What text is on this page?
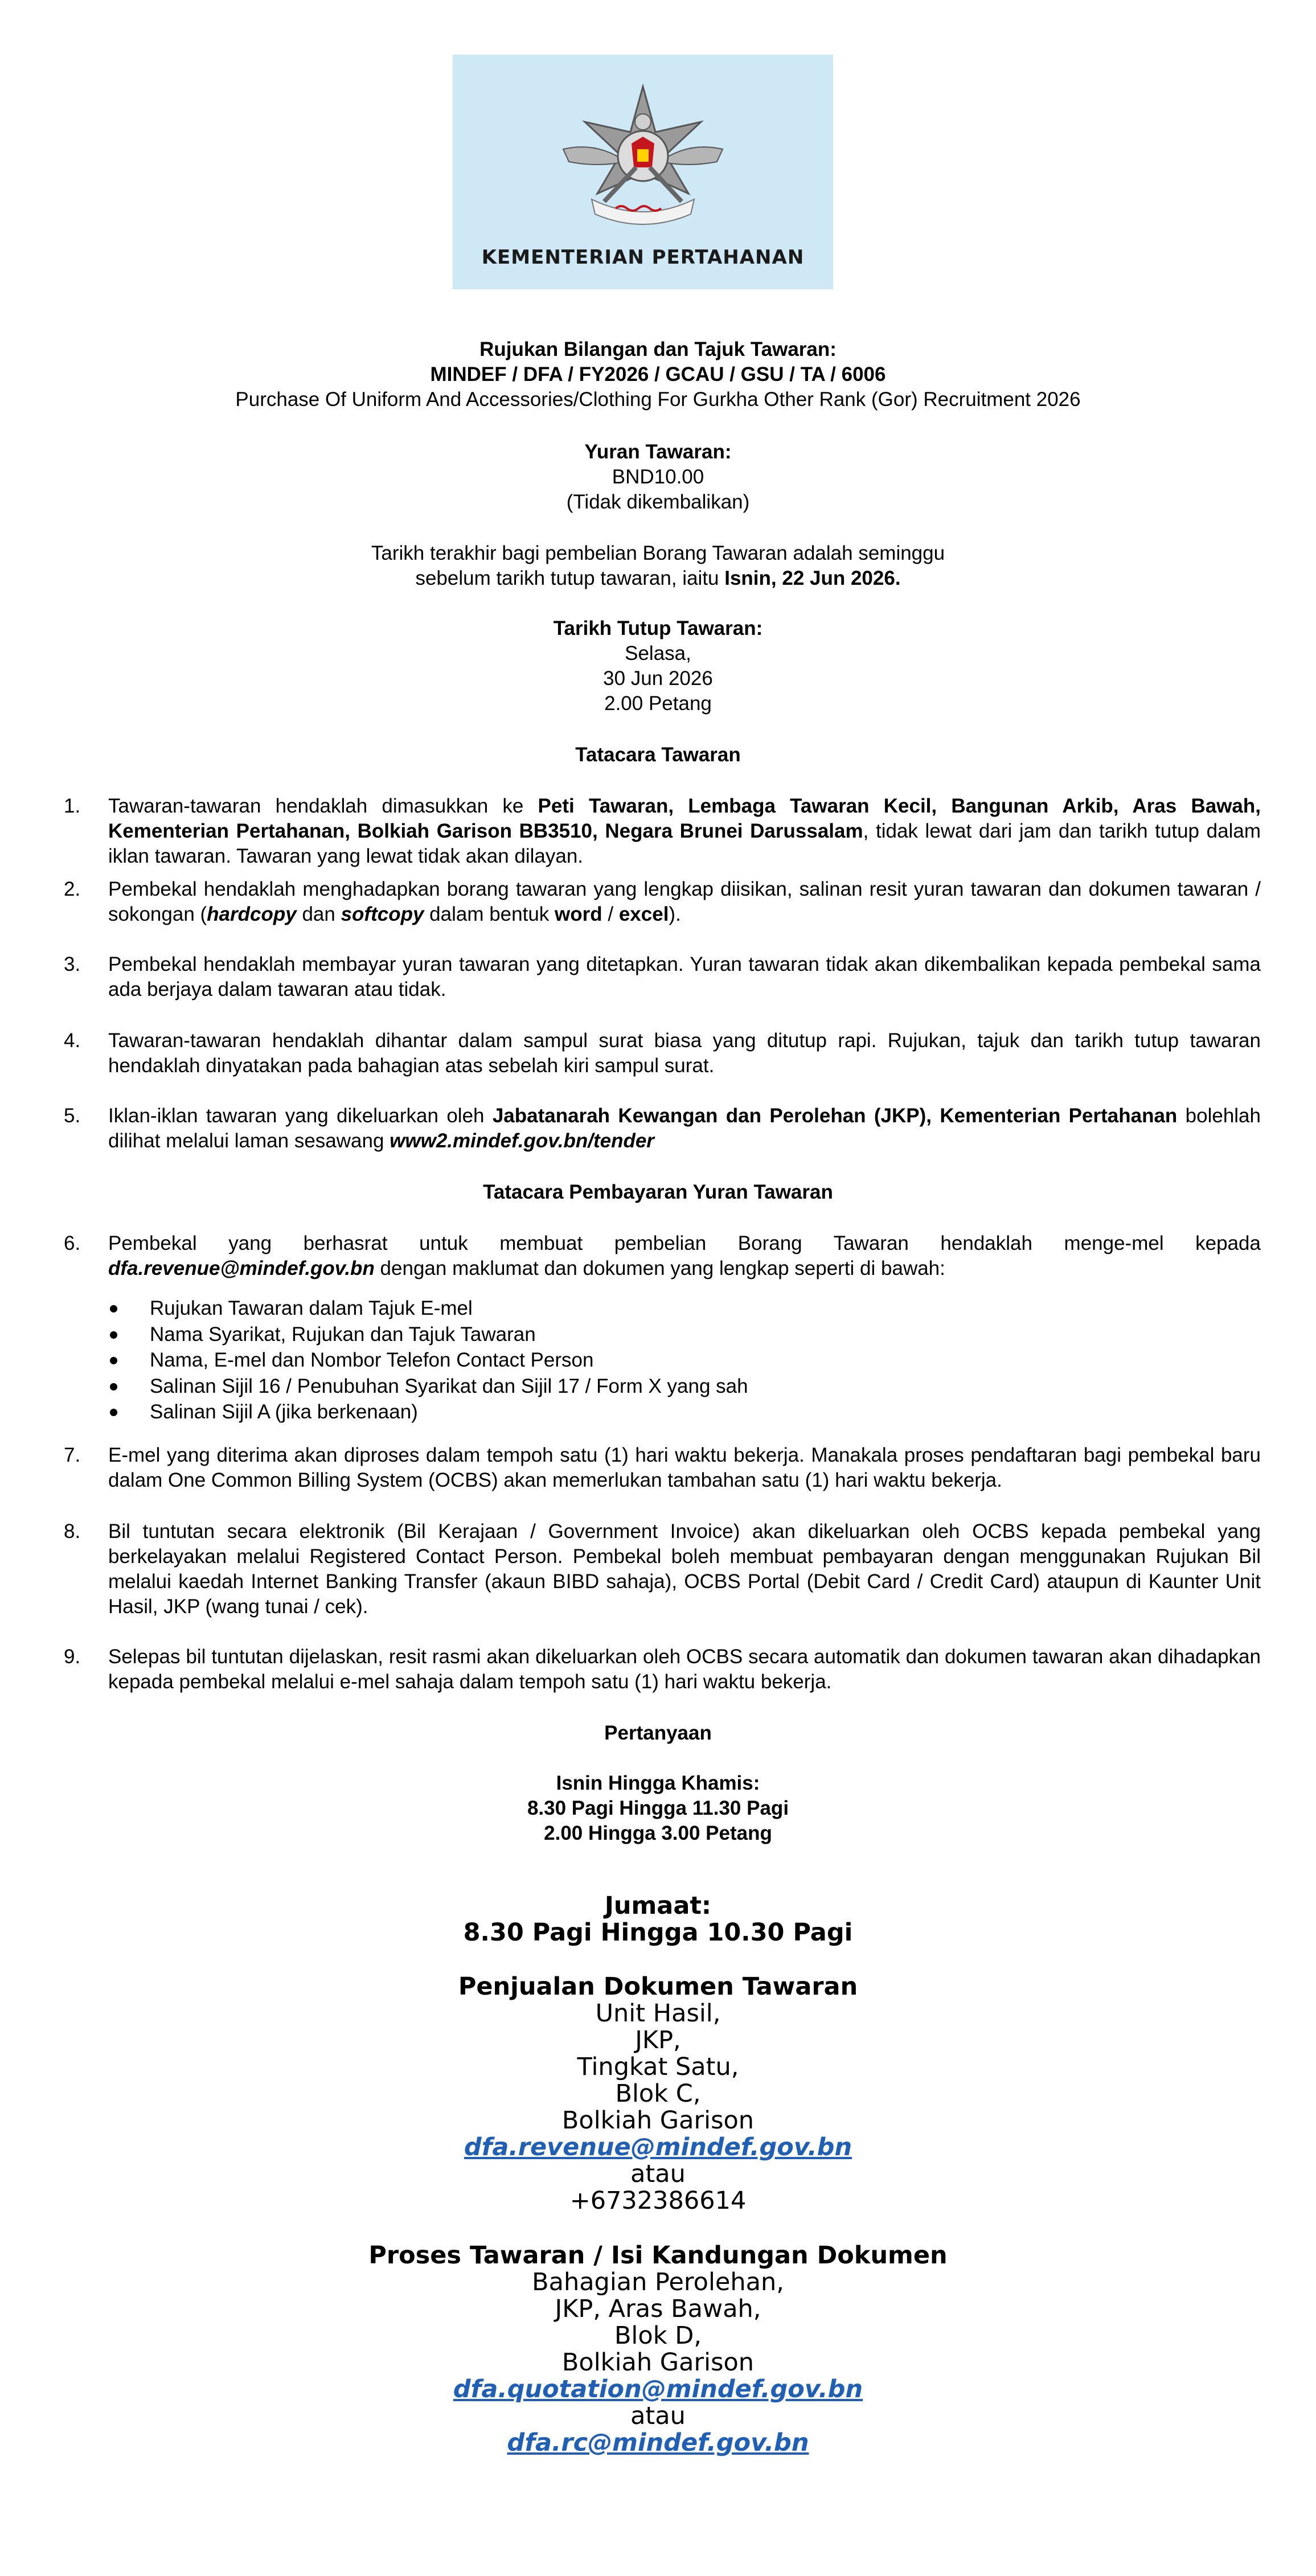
KEMENTERIAN PERTAHANAN
Rujukan Bilangan dan Tajuk Tawaran:
MINDEF / DFA / FY2026 / GCAU / GSU / TA / 6006
Purchase Of Uniform And Accessories/Clothing For Gurkha Other Rank (Gor) Recruitment 2026
Yuran Tawaran:
BND10.00
(Tidak dikembalikan)
Tarikh terakhir bagi pembelian Borang Tawaran adalah seminggu
sebelum tarikh tutup tawaran, iaitu Isnin, 22 Jun 2026.
Tarikh Tutup Tawaran:
Selasa,
30 Jun 2026
2.00 Petang
Tatacara Tawaran
1. Tawaran-tawaran hendaklah dimasukkan ke Peti Tawaran, Lembaga Tawaran Kecil, Bangunan Arkib, Aras Bawah, Kementerian Pertahanan, Bolkiah Garison BB3510, Negara Brunei Darussalam, tidak lewat dari jam dan tarikh tutup dalam iklan tawaran. Tawaran yang lewat tidak akan dilayan.
2. Pembekal hendaklah menghadapkan borang tawaran yang lengkap diisikan, salinan resit yuran tawaran dan dokumen tawaran / sokongan (hardcopy dan softcopy dalam bentuk word / excel).
3. Pembekal hendaklah membayar yuran tawaran yang ditetapkan. Yuran tawaran tidak akan dikembalikan kepada pembekal sama ada berjaya dalam tawaran atau tidak.
4. Tawaran-tawaran hendaklah dihantar dalam sampul surat biasa yang ditutup rapi. Rujukan, tajuk dan tarikh tutup tawaran hendaklah dinyatakan pada bahagian atas sebelah kiri sampul surat.
5. Iklan-iklan tawaran yang dikeluarkan oleh Jabatanarah Kewangan dan Perolehan (JKP), Kementerian Pertahanan bolehlah dilihat melalui laman sesawang www2.mindef.gov.bn/tender
Tatacara Pembayaran Yuran Tawaran
6. Pembekal yang berhasrat untuk membuat pembelian Borang Tawaran hendaklah menge-mel kepada dfa.revenue@mindef.gov.bn dengan maklumat dan dokumen yang lengkap seperti di bawah:
Rujukan Tawaran dalam Tajuk E-mel
Nama Syarikat, Rujukan dan Tajuk Tawaran
Nama, E-mel dan Nombor Telefon Contact Person
Salinan Sijil 16 / Penubuhan Syarikat dan Sijil 17 / Form X yang sah
Salinan Sijil A (jika berkenaan)
7. E-mel yang diterima akan diproses dalam tempoh satu (1) hari waktu bekerja. Manakala proses pendaftaran bagi pembekal baru dalam One Common Billing System (OCBS) akan memerlukan tambahan satu (1) hari waktu bekerja.
8. Bil tuntutan secara elektronik (Bil Kerajaan / Government Invoice) akan dikeluarkan oleh OCBS kepada pembekal yang berkelayakan melalui Registered Contact Person. Pembekal boleh membuat pembayaran dengan menggunakan Rujukan Bil melalui kaedah Internet Banking Transfer (akaun BIBD sahaja), OCBS Portal (Debit Card / Credit Card) ataupun di Kaunter Unit Hasil, JKP (wang tunai / cek).
9. Selepas bil tuntutan dijelaskan, resit rasmi akan dikeluarkan oleh OCBS secara automatik dan dokumen tawaran akan dihadapkan kepada pembekal melalui e-mel sahaja dalam tempoh satu (1) hari waktu bekerja.
Pertanyaan
Isnin Hingga Khamis:
8.30 Pagi Hingga 11.30 Pagi
2.00 Hingga 3.00 Petang
Jumaat:
8.30 Pagi Hingga 10.30 Pagi
Penjualan Dokumen Tawaran
Unit Hasil,
JKP,
Tingkat Satu,
Blok C,
Bolkiah Garison
dfa.revenue@mindef.gov.bn
atau
+6732386614
Proses Tawaran / Isi Kandungan Dokumen
Bahagian Perolehan,
JKP, Aras Bawah,
Blok D,
Bolkiah Garison
dfa.quotation@mindef.gov.bn
atau
dfa.rc@mindef.gov.bn
